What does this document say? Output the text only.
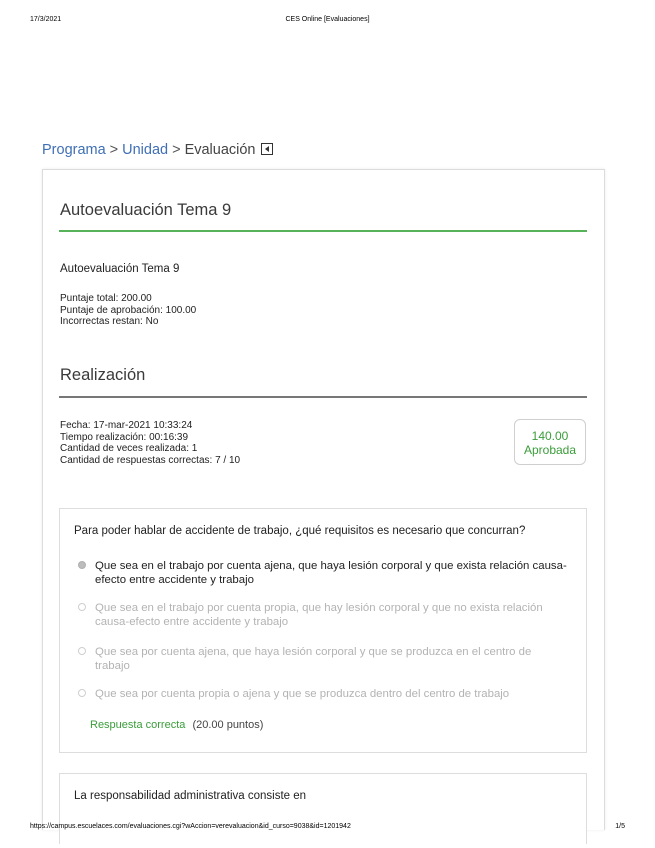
17/3/2021	CES Online [Evaluaciones]
Programa > Unidad > Evaluación
Autoevaluación Tema 9
Autoevaluación Tema 9
Puntaje total: 200.00
Puntaje de aprobación: 100.00
Incorrectas restan: No
Realización
Fecha: 17-mar-2021 10:33:24
Tiempo realización: 00:16:39
Cantidad de veces realizada: 1
Cantidad de respuestas correctas: 7 / 10
140.00
Aprobada
Para poder hablar de accidente de trabajo, ¿qué requisitos es necesario que concurran?
Que sea en el trabajo por cuenta ajena, que haya lesión corporal y que exista relación causa-efecto entre accidente y trabajo
Que sea en el trabajo por cuenta propia, que hay lesión corporal y que no exista relación causa-efecto entre accidente y trabajo
Que sea por cuenta ajena, que haya lesión corporal y que se produzca en el centro de trabajo
Que sea por cuenta propia o ajena y que se produzca dentro del centro de trabajo
Respuesta correcta (20.00 puntos)
La responsabilidad administrativa consiste en
https://campus.escuelaces.com/evaluaciones.cgi?wAccion=verevaluacion&id_curso=9038&id=1201942	1/5
